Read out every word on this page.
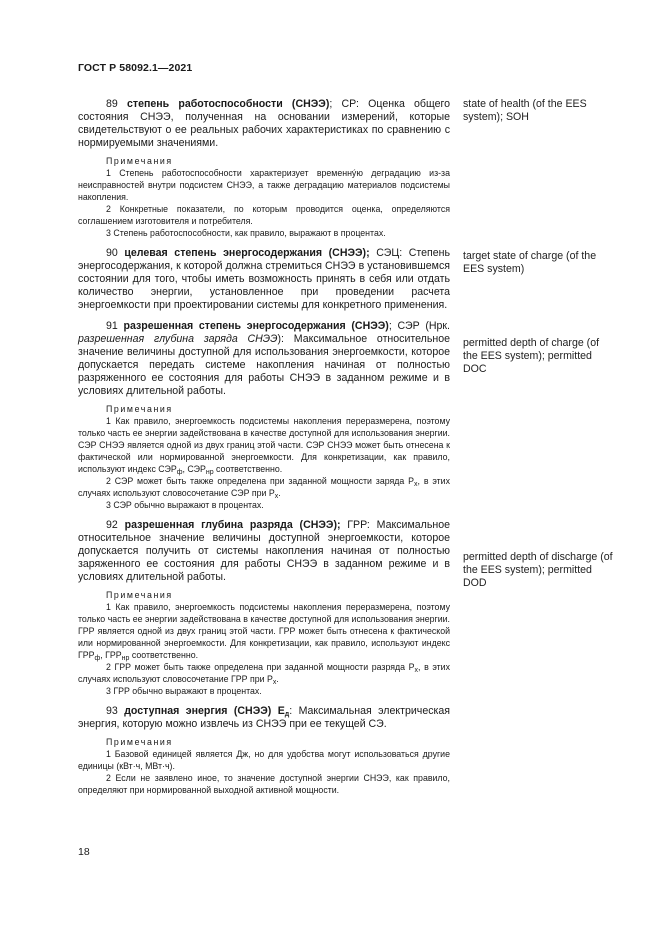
ГОСТ Р 58092.1—2021

89 степень работоспособности (СНЭЭ); СР: Оценка общего состояния СНЭЭ, полученная на основании измерений, которые свидетельствуют о ее реальных рабочих характеристиках по сравнению с нормируемыми значениями.

Примечания

1 Степень работоспособности характеризует временнýю деградацию из-за неисправностей внутри подсистем СНЭЭ, а также деградацию материалов подсистемы накопления.

2 Конкретные показатели, по которым проводится оценка, определяются соглашением изготовителя и потребителя.

3 Степень работоспособности, как правило, выражают в процентах.

90 целевая степень энергосодержания (СНЭЭ); СЭЦ: Степень энергосодержания, к которой должна стремиться СНЭЭ в установившемся состоянии для того, чтобы иметь возможность принять в себя или отдать количество энергии, установленное при проведении расчета энергоемкости при проектировании системы для конкретного применения.

91 разрешенная степень энергосодержания (СНЭЭ); СЭР (Нрк. разрешенная глубина заряда СНЭЭ): Максимальное относительное значение величины доступной для использования энергоемкости, которое допускается передать системе накопления начиная от полностью разряженного ее состояния для работы СНЭЭ в заданном режиме и в условиях длительной работы.

Примечания

1 Как правило, энергоемкость подсистемы накопления переразмерена, поэтому только часть ее энергии задействована в качестве доступной для использования энергии. СЭР СНЭЭ является одной из двух границ этой части. СЭР СНЭЭ может быть отнесена к фактической или нормированной энергоемкости. Для конкретизации, как правило, используют индекс $СЭР_ф$, $СЭР_{нр}$ соответственно.

2 СЭР может быть также определена при заданной мощности заряда $P_x$, в этих случаях используют словосочетание СЭР при $P_x$.

3 СЭР обычно выражают в процентах.

92 разрешенная глубина разряда (СНЭЭ); ГРР: Максимальное относительное значение величины доступной энергоемкости, которое допускается получить от системы накопления начиная от полностью заряженного ее состояния для работы СНЭЭ в заданном режиме и в условиях длительной работы.

Примечания

1 Как правило, энергоемкость подсистемы накопления переразмерена, поэтому только часть ее энергии задействована в качестве доступной для использования энергии. ГРР является одной из двух границ этой части. ГРР может быть отнесена к фактической или нормированной энергоемкости. Для конкретизации, как правило, используют индекс $ГРР_ф$, $ГРР_{нр}$ соответственно.

2 ГРР может быть также определена при заданной мощности разряда $P_x$, в этих случаях используют словосочетание ГРР при $P_x$.

3 ГРР обычно выражают в процентах.

93 доступная энергия (СНЭЭ) $E_д$: Максимальная электрическая энергия, которую можно извлечь из СНЭЭ при ее текущей СЭ.

Примечания

1 Базовой единицей является Дж, но для удобства могут использоваться другие единицы (кВт·ч, МВт·ч).

2 Если не заявлено иное, то значение доступной энергии СНЭЭ, как правило, определяют при нормированной выходной активной мощности.

state of health (of the EES system); SOH
target state of charge (of the EES system)
permitted depth of charge (of the EES system); permitted DOC
permitted depth of discharge (of the EES system); permitted DOD
18
